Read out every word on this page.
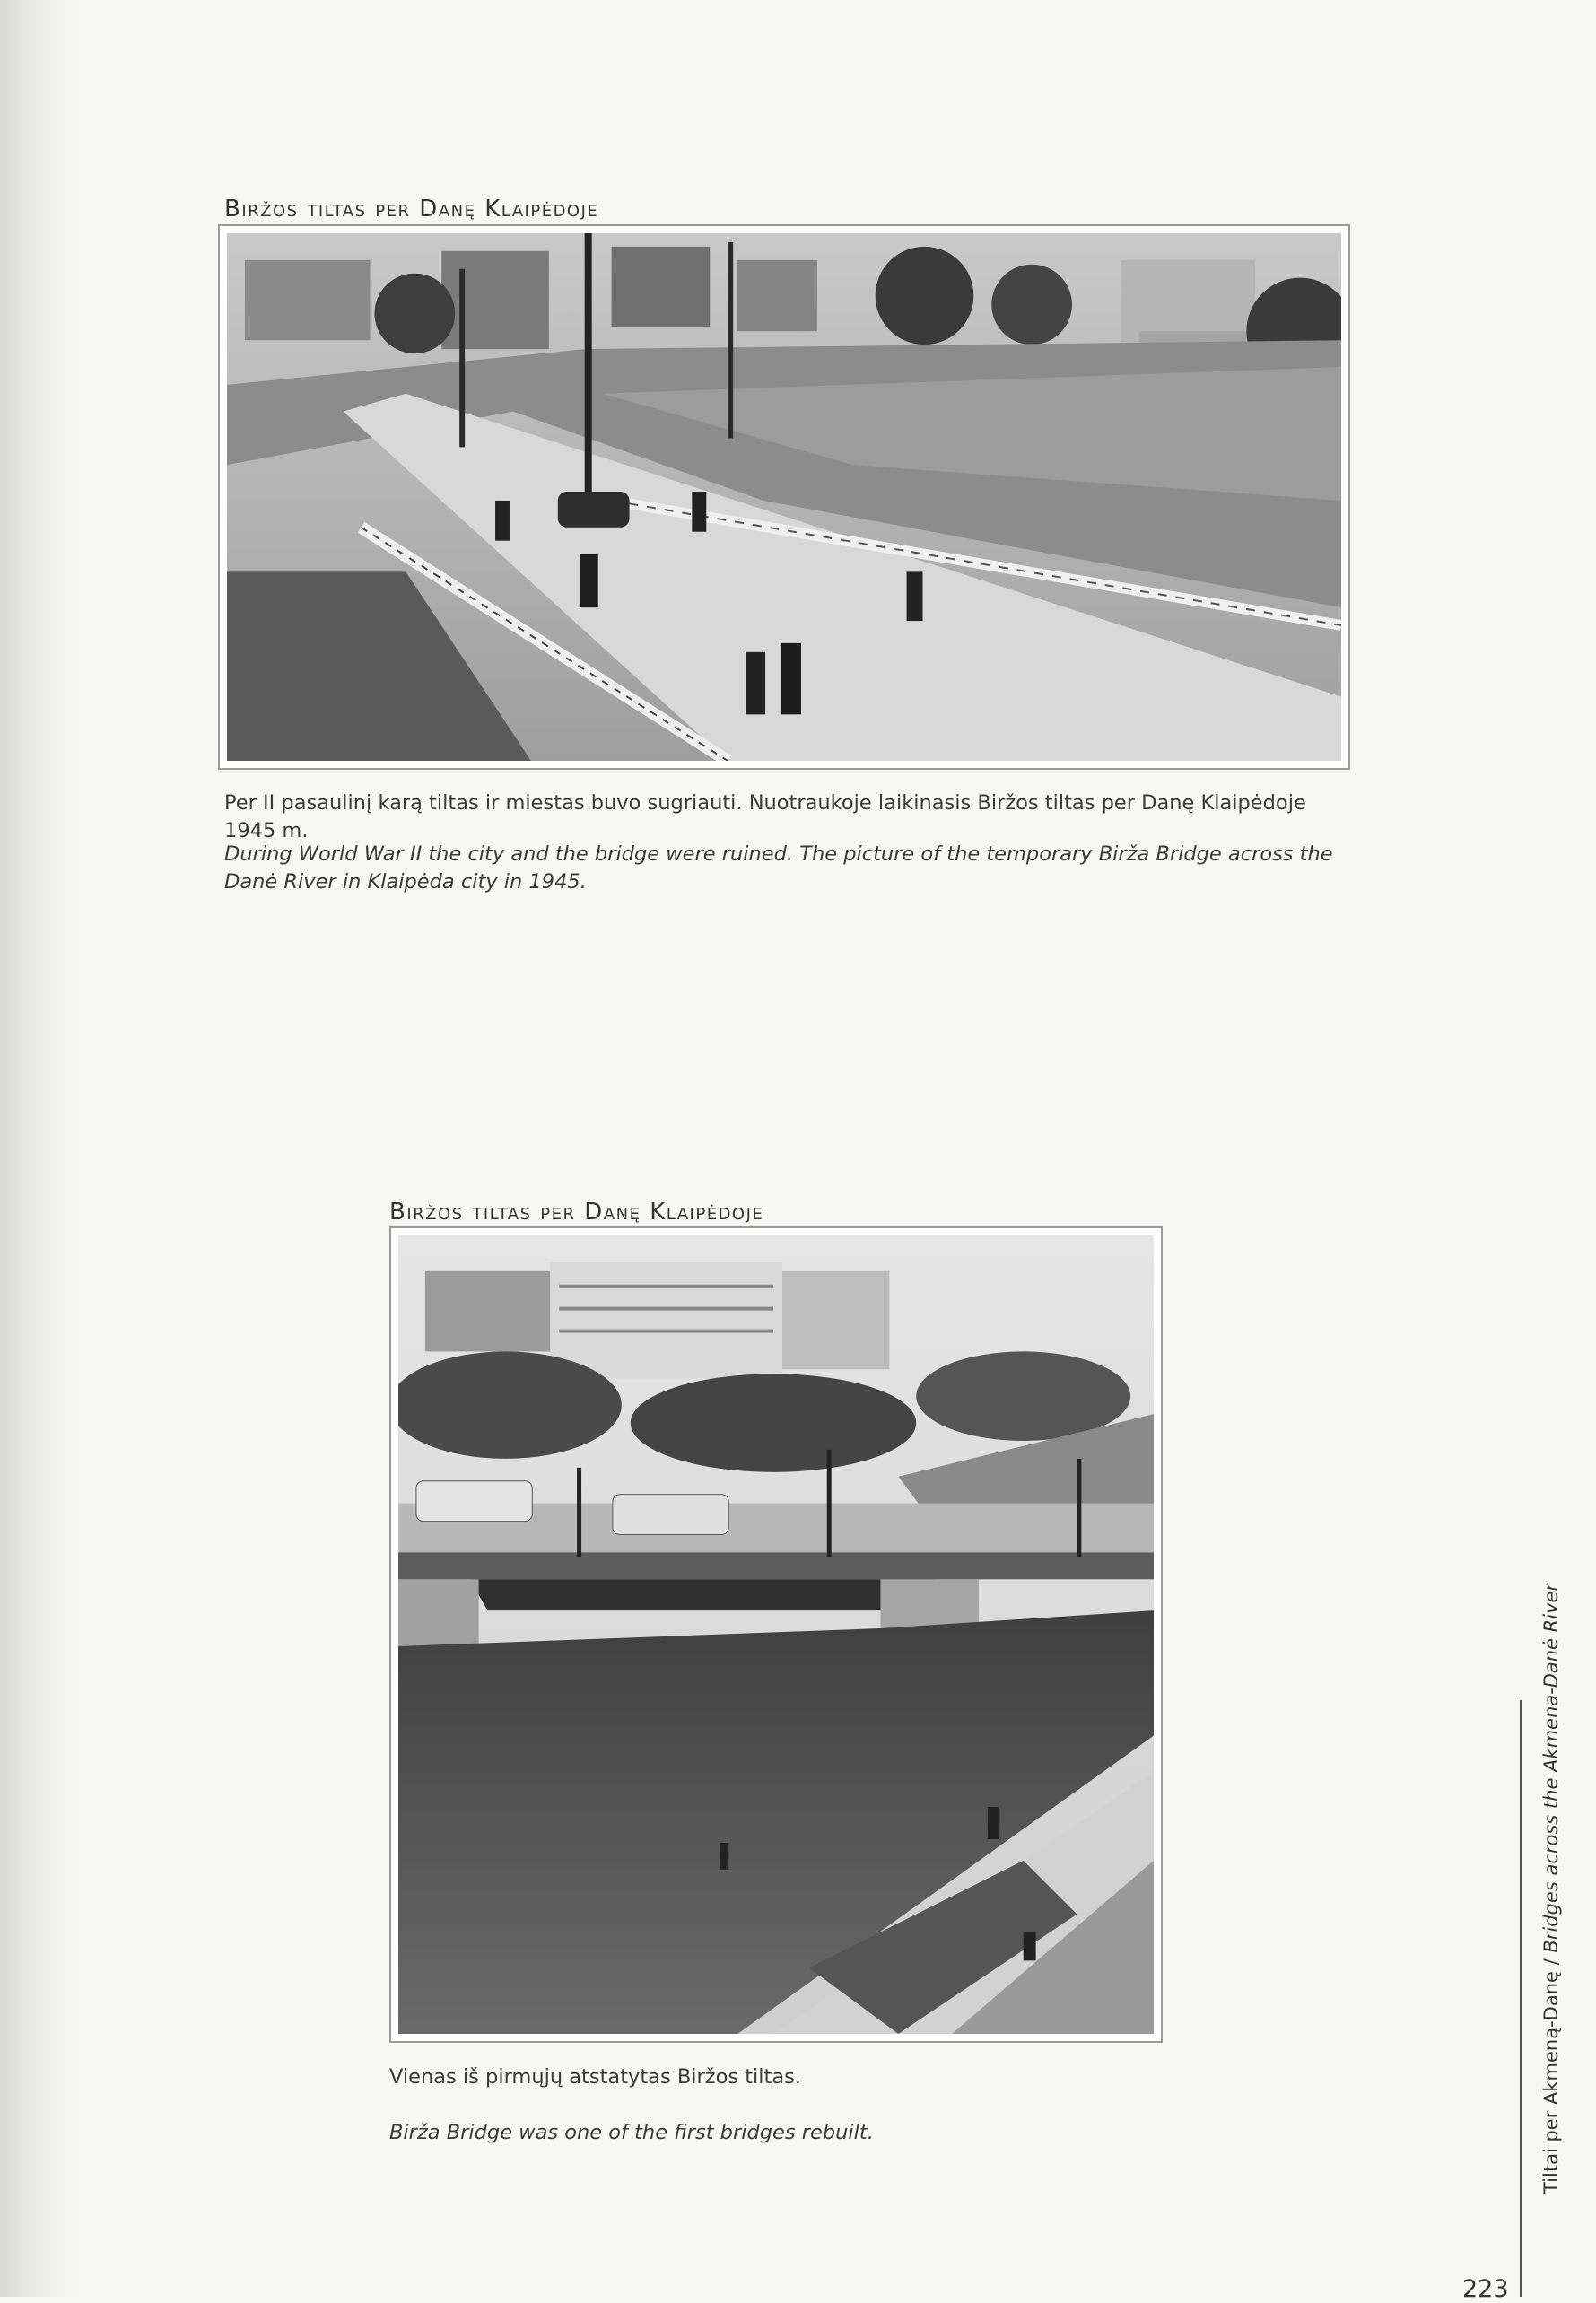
Biržos tiltas per Danę Klaipėdoje
Per II pasaulinį karą tiltas ir miestas buvo sugriauti. Nuotraukoje laikinasis Biržos tiltas per Danę Klaipėdoje 1945 m.
During World War II the city and the bridge were ruined. The picture of the temporary Birža Bridge across the Danė River in Klaipėda city in 1945.
Biržos tiltas per Danę Klaipėdoje
Vienas iš pirmųjų atstatytas Biržos tiltas.
Birža Bridge was one of the first bridges rebuilt.	Tiltai per Akmeną-Danę / Bridges across the Akmena-Danė River
223
